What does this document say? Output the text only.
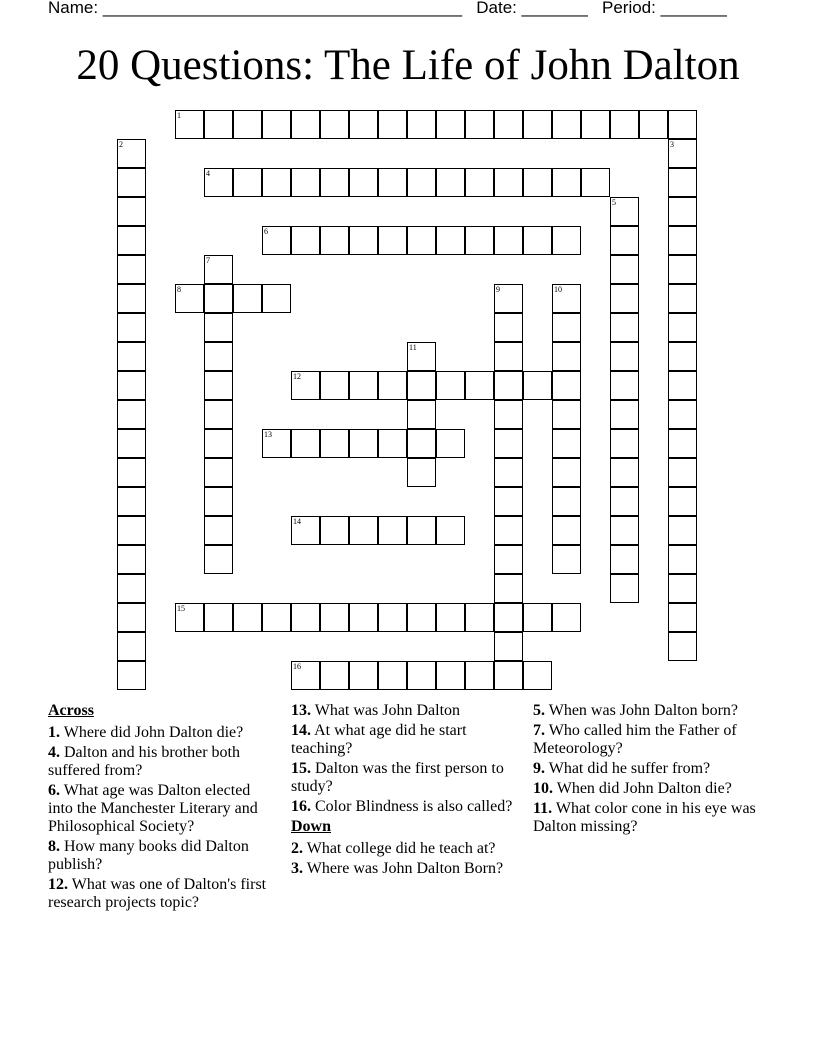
Name: ______________________________________ Date: _______ Period: _______
20 Questions: The Life of John Dalton
1
2	3
4
5
6
7
8	9	10
11
12
13
14
15
16
Across

1. Where did John Dalton die?

4. Dalton and his brother both suffered from?

6. What age was Dalton elected into the Manchester Literary and Philosophical Society?

8. How many books did Dalton publish?

12. What was one of Dalton's first research projects topic?

13. What was John Dalton

14. At what age did he start teaching?

15. Dalton was the first person to study?

16. Color Blindness is also called?

Down

2. What college did he teach at?

3. Where was John Dalton Born?

5. When was John Dalton born?

7. Who called him the Father of Meteorology?

9. What did he suffer from?

10. When did John Dalton die?

11. What color cone in his eye was Dalton missing?
